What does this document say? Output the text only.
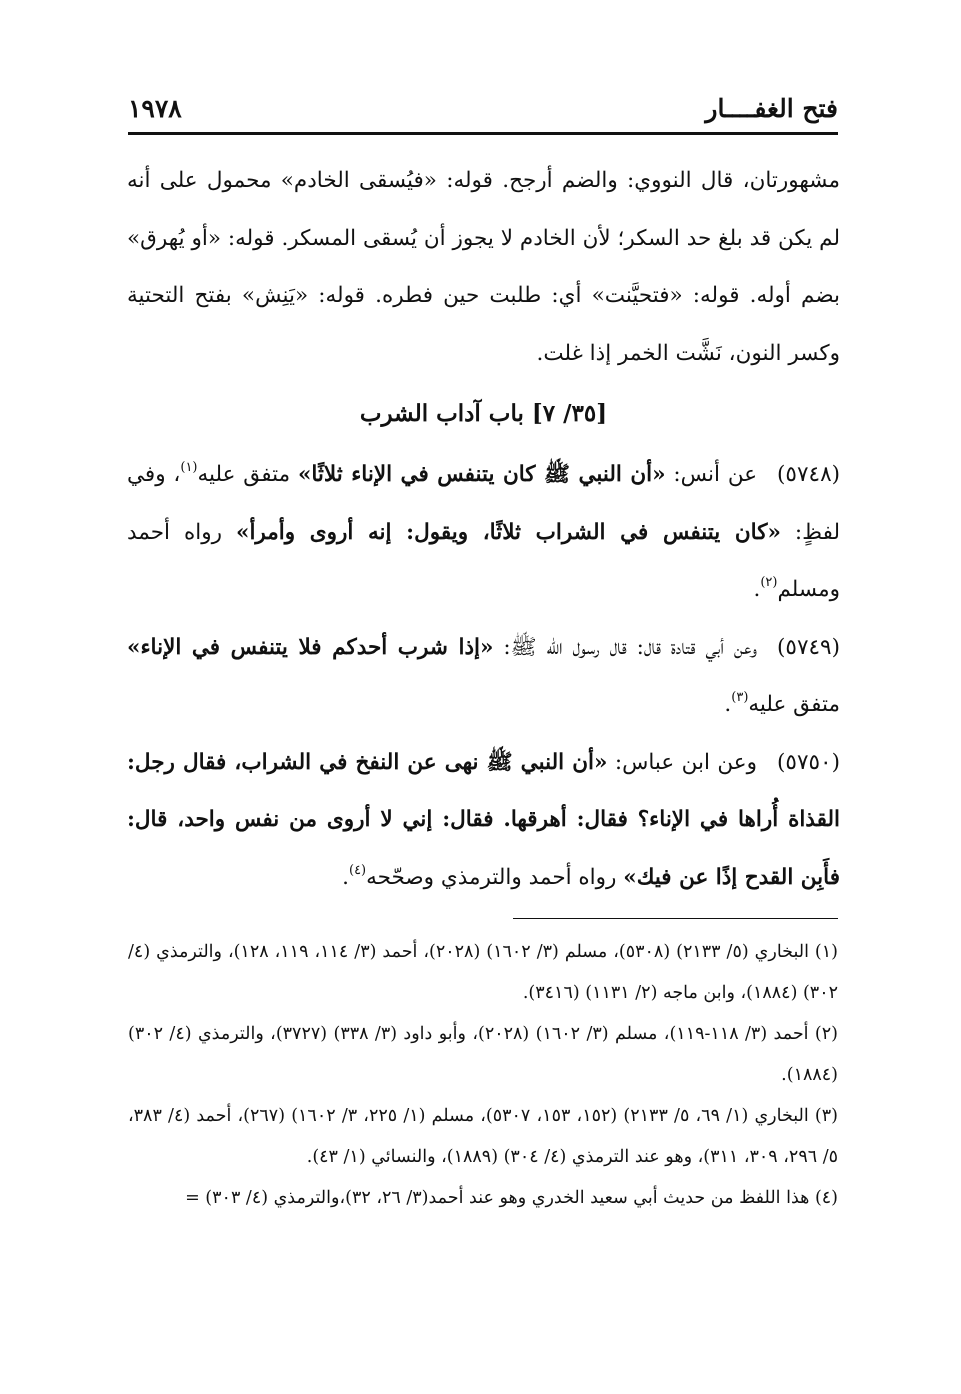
فتح الغفــــار
١٩٧٨

مشهورتان، قال النووي: والضم أرجح. قوله: «فيُسقى الخادم» محمول على أنه لم يكن قد بلغ حد السكر؛ لأن الخادم لا يجوز أن يُسقى المسكر. قوله: «أو يُهرق» بضم أوله. قوله: «فتحيَّنت» أي: طلبت حين فطره. قوله: «يَنِش» بفتح التحتية وكسر النون، نَشَّت الخمر إذا غلت.

[٣٥/ ٧] باب آداب الشرب

(٥٧٤٨)عن أنس: «أن النبي ﷺ كان يتنفس في الإناء ثلاثًا» متفق عليه$^{(١)}$، وفي لفظٍ: «كان يتنفس في الشراب ثلاثًا، ويقول: إنه أروى وأمرأ» رواه أحمد ومسلم$^{(٢)}$.

(٥٧٤٩)وعن أبي قتادة قال: قال رسول الله ﷺ: «إذا شرب أحدكم فلا يتنفس في الإناء» متفق عليه$^{(٣)}$.

(٥٧٥٠)وعن ابن عباس: «أن النبي ﷺ نهى عن النفخ في الشراب، فقال رجل: القذاة أُراها في الإناء؟ فقال: أهرقها. فقال: إني لا أروى من نفس واحد، قال: فأَبِن القدح إذًا عن فيك» رواه أحمد والترمذي وصحّحه$^{(٤)}$.

(١) البخاري (٥/ ٢١٣٣) (٥٣٠٨)، مسلم (٣/ ١٦٠٢) (٢٠٢٨)، أحمد (٣/ ١١٤، ١١٩، ١٢٨)، والترمذي (٤/ ٣٠٢) (١٨٨٤)، وابن ماجه (٢/ ١١٣١) (٣٤١٦).

(٢) أحمد (٣/ ١١٨-١١٩)، مسلم (٣/ ١٦٠٢) (٢٠٢٨)، وأبو داود (٣/ ٣٣٨) (٣٧٢٧)، والترمذي (٤/ ٣٠٢) (١٨٨٤).

(٣) البخاري (١/ ٦٩، ٥/ ٢١٣٣) (١٥٢، ١٥٣، ٥٣٠٧)، مسلم (١/ ٢٢٥، ٣/ ١٦٠٢) (٢٦٧)، أحمد (٤/ ٣٨٣، ٥/ ٢٩٦، ٣٠٩، ٣١١)، وهو عند الترمذي (٤/ ٣٠٤) (١٨٨٩)، والنسائي (١/ ٤٣).

(٤) هذا اللفظ من حديث أبي سعيد الخدري وهو عند أحمد(٣/ ٢٦، ٣٢)،والترمذي (٤/ ٣٠٣) =
